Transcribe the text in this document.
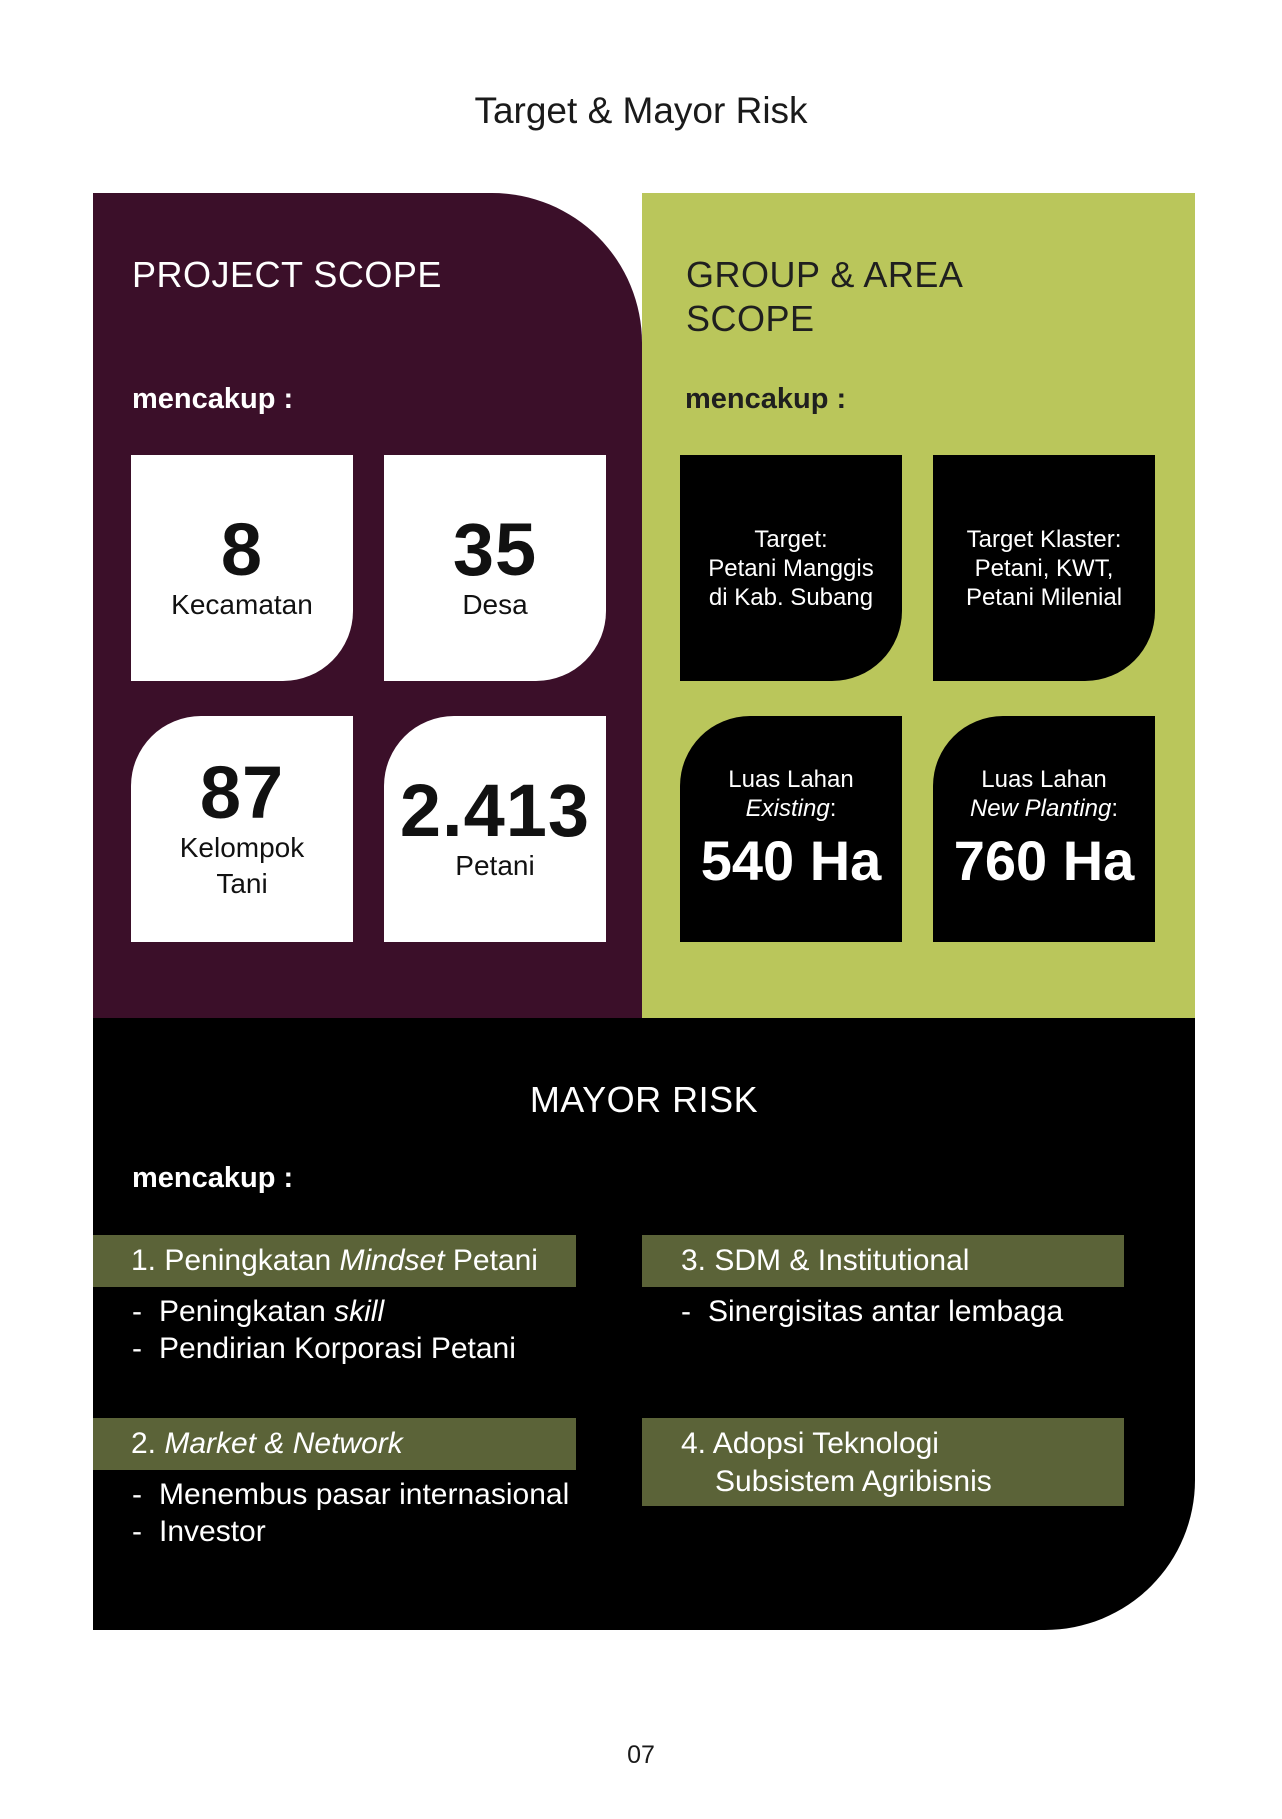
Target & Mayor Risk
PROJECT SCOPE
mencakup :
8
Kecamatan
35
Desa
87
Kelompok Tani
2.413
Petani
GROUP & AREA
SCOPE
mencakup :
Target:
Petani Manggis
di Kab. Subang
Target Klaster:
Petani, KWT,
Petani Milenial
Luas Lahan
Existing:
540 Ha
Luas Lahan
New Planting:
760 Ha
MAYOR RISK
mencakup :
1. Peningkatan Mindset Petani
- Peningkatan skill
- Pendirian Korporasi Petani
2. Market & Network
- Menembus pasar internasional
- Investor
3. SDM & Institutional
- Sinergisitas antar lembaga
4. Adopsi Teknologi
Subsistem Agribisnis
07
